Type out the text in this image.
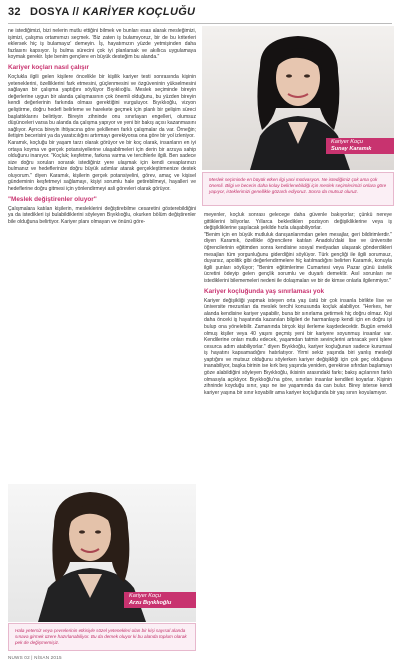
32 DOSYA // KARİYER KOÇLUĞU

ne istediğimizi, bizi nelerin mutlu ettiğini bilmek ve bunları esas alarak mesleğimizi, işimizi, çalışma ortamımızı seçmek. 'Biz zaten iş bulamıyoruz, bir de bu kriterleri eklersek hiç iş bulamayız' demeyin. İş, hayatımızın yüzde yetmişinden daha fazlasını kapsıyor. İş bulma sürecini çok iyi planlarsak ve akıllıca uygulamaya koymak gerekir. İşte benim gençlere en büyük desteğim bu alanda."

Kariyer koçları nasıl çalışır

Koçlukla ilgili gelen kişilere öncelikle bir kişilik kariyer testi sonrasında kişinin yeteneklerini, özelliklerini fark etmesini, güçlenmesini ve özgüveninin yükselmesini sağlayan bir çalışma yaptığını söylüyor Bıyıklıoğlu. Meslek seçiminde bireyin değerlerine uygun bir alanda çalışmasının çok önemli olduğunu, bu yüzden bireyin kendi değerlerinin farkında olması gerektiğini vurguluyor. Bıyıklıoğlu, vizyon geliştirme, doğru hedefi belirleme ve harekete geçmek için planlı bir gelişim süreci başlattıklarını belirtiyor. Bireyin zihninde onu sınırlayan engelleri, olumsuz düşünceleri varsa bu alanda da çalışma yapıyor ve yeni bir bakış açısı kazanmasını sağlıyor. Ayrıca bireyin ihtiyacına göre şekillenen farklı çalışmalar da var. Örneğin; iletişim becerisini ya da yaratıcılığını artırmayı gerekiyorsa ona göre bir yol izleniyor.

Karamık, koçluğu bir yaşam tarzı olarak görüyor ve bir koç olarak, insanların en iyi ortaya koyma ve gerçek potansiyellerine ulaşabilmeleri için derin bir arzuya sahip olduğunu inanıyor. "Koçluk; keşfetme, farkına varma ve tercihlerle ilgili. Ben sadece size doğru soruları sorarak istediğiniz yere ulaşmak için kendi cevaplarınızı bulmanız ve hedeflerinize doğru büyük adımlar atarak gerçekleştirmenize destek oluyorum." diyen Karamık, kişilerin gerçek potansiyelini, görev, amaç ve kişisel gündeminin keşfetmeyi sağlamayı, kişiyi sorumlu hale getirebilmeyi, hayalleri ve hedeflerine doğru gitmesi için yönlendirmeyi asli görevleri olarak görüyor.

"Meslek değiştirenler oluyor"

Çalışmalara katılan kişilerin, mesleklerini değiştirebilme cesaretini gösterebildiğini ya da istedikleri işi bulabildiklerini söyleyen Bıyıklıoğlu, okurken bölüm değiştirenler bile olduğuna belirtiyor. Kariyer planı olmayan ve önünü göre-

Kariyer Koçu
Sunay Karamık
Meslek seçiminde en büyük etken ilgi yani motivasyon. Ne istediğimiz çok ama çok önemli. Bilgi ve becerin daha kolay belirlenebildiği için meslek seçimlerimizi onlara göre yapıyor, isteklerimizi genellikle gözardı ediyoruz. Sonra da mutsuz oluruz.

meyenler, koçluk sonrası gelecege daha güvenle bakıyorlar; çünkü nereye gittiklerini biliyorlar. Yıllarca beklediklerı pozisyon değişikliklerine veya iş değişikliklerine şaşılacak şekilde hızla ulaşabiliyorlar.

"Benim için en büyük mutluluk danışanlarımdan gelen mesajlar, geri bildirimlerdir." diyen Karamık, özellikle öğrencilere katılan Anadolu'daki lise ve üniversite öğrencilerinin eğitimden sonra kendisine sosyal medyadan ulaşarak gönderdikleri mesajları tüm yorgunluğunu giderdiğini söylüyor. Türk gençliği ile ilgili sorumsuz, duyarsız, apolitik gibi değerlendirmelere hiç katılmadığını belirten Karamık, konuyla ilgili şunları söylüyor; "Benim eğitimlerime Cumartesi veya Pazar günü üstelik ücretini ödeyip gelen gençlik sorumlu ve duyarlı demektir. Asıl sorunları ne istediklerini bilememeleri nedeni ile dolaşmaları ve bir de kimse onlarla ilgilenmiyor."

Kariyer koçluğunda yaş sınırlaması yok

Kariyer değişikliği yapmak isteyen orta yaş üstü bir çok insanla birlikte lise ve üniversite mezunları da meslek tercihi konusunda koçluk alabiliyor. "Herkes, her alanda kendisine kariyer yapabilir, buna bir sınırlama getirmek hiç doğru olmaz. Kişi daha önceki iş hayatında kazanılan bilgileri de harmanlayıp kendi için en doğru işi bulup ona yönelebilir. Zamanında birçok kişi ilerleme kaydedecektir. Bugün emekli olmuş kişiler veya 40 yaşını geçmiş yeni bir kariyere soyunmuş insanlar var. Kendilerine onları mutlu edecek, yaşamdan tatmin sevinçlerini artıracak yeni işlere cesurca adım atabiliyorlar." diyen Bıyıklıoğlu, kariyer koçluğunun sadece kurumsal iş hayatını kapsamadığını hatırlatıyor. Yirmi sekiz yaşında biri yanlış mesleği yaptığını ve mutsuz olduğunu söylerken kariyer değişikliği için çok geç olduğuna inanabiliyor, başka birinin ise kırk beş yaşında yeniden, gerekirse sıfırdan başlamayı göze alabildiğini söyleyen Bıyıklıoğlu, ikisinin arasındaki farkı; bakış açılarının farklı olmasıyla açıklıyor. Bıyıklıoğlu'na göre, sınırları insanlar kendileri koyarlar. Kişinin zihninde koyduğu sınır, yaşı ne ise yaşamında da can bulur. Birey isterse kendi kariyer yaşına bir sınır koyabilir ama kariyer koçluğunda bir yaş sınırı koyulamıyor.

Kariyer Koçu
Arzu Bıyıklıoğlu
Hala yetersiz veya çevrelerinin etkisiyle sözel yetenekleri olan bir kişi sayısal alanda sınava girmek üzere hazırlanabiliyor. Bu da demek oluyor ki bu alanda toplum olarak pek de değişmemişiz.
NUWS 02 | NİSAN 2015
